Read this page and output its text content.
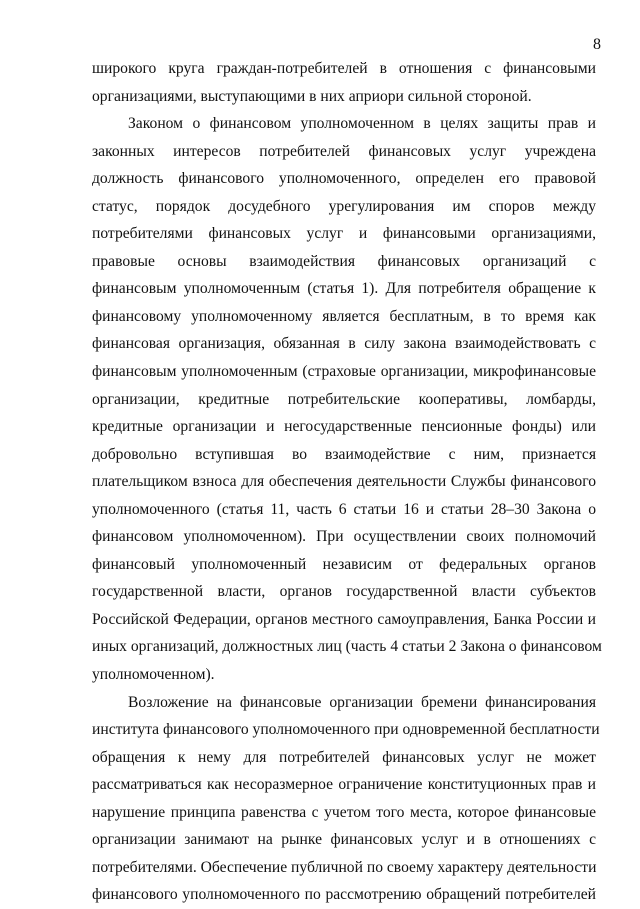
8
широкого круга граждан-потребителей в отношения с финансовыми
организациями, выступающими в них априори сильной стороной.
Законом о финансовом уполномоченном в целях защиты прав и
законных интересов потребителей финансовых услуг учреждена
должность финансового уполномоченного, определен его правовой
статус, порядок досудебного урегулирования им споров между
потребителями финансовых услуг и финансовыми организациями,
правовые основы взаимодействия финансовых организаций с
финансовым уполномоченным (статья 1). Для потребителя обращение к
финансовому уполномоченному является бесплатным, в то время как
финансовая организация, обязанная в силу закона взаимодействовать с
финансовым уполномоченным (страховые организации, микрофинансовые
организации, кредитные потребительские кооперативы, ломбарды,
кредитные организации и негосударственные пенсионные фонды) или
добровольно вступившая во взаимодействие с ним, признается
плательщиком взноса для обеспечения деятельности Службы финансового
уполномоченного (статья 11, часть 6 статьи 16 и статьи 28–30 Закона о
финансовом уполномоченном). При осуществлении своих полномочий
финансовый уполномоченный независим от федеральных органов
государственной власти, органов государственной власти субъектов
Российской Федерации, органов местного самоуправления, Банка России и
иных организаций, должностных лиц (часть 4 статьи 2 Закона о финансовом
уполномоченном).
Возложение на финансовые организации бремени финансирования
института финансового уполномоченного при одновременной бесплатности
обращения к нему для потребителей финансовых услуг не может
рассматриваться как несоразмерное ограничение конституционных прав и
нарушение принципа равенства с учетом того места, которое финансовые
организации занимают на рынке финансовых услуг и в отношениях с
потребителями. Обеспечение публичной по своему характеру деятельности
финансового уполномоченного по рассмотрению обращений потребителей
